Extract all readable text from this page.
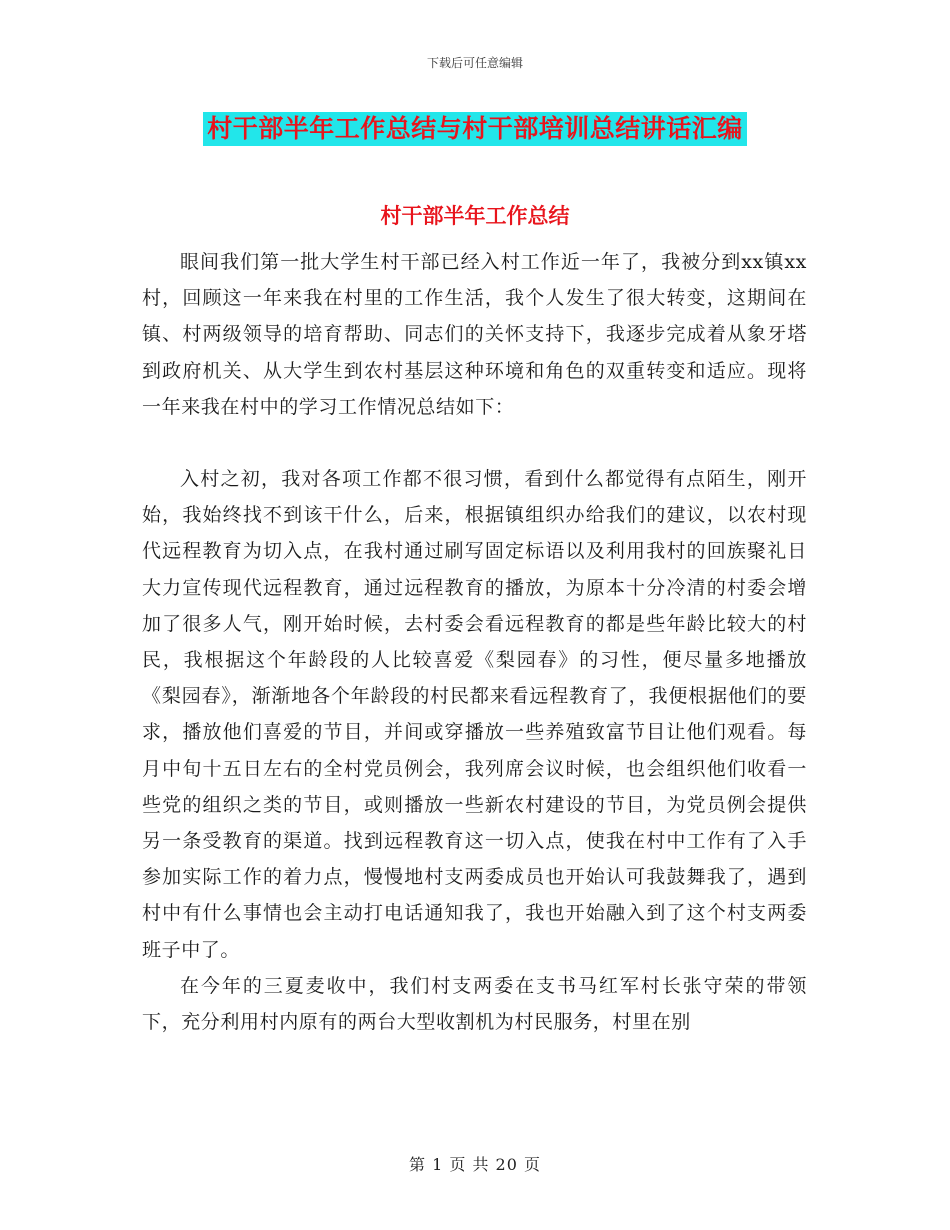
下载后可任意编辑
村干部半年工作总结与村干部培训总结讲话汇编
村干部半年工作总结

眼间我们第一批大学生村干部已经入村工作近一年了，我被分到xx镇xx村，回顾这一年来我在村里的工作生活，我个人发生了很大转变，这期间在镇、村两级领导的培育帮助、同志们的关怀支持下，我逐步完成着从象牙塔到政府机关、从大学生到农村基层这种环境和角色的双重转变和适应。现将一年来我在村中的学习工作情况总结如下：

入村之初，我对各项工作都不很习惯，看到什么都觉得有点陌生，刚开始，我始终找不到该干什么，后来，根据镇组织办给我们的建议，以农村现代远程教育为切入点，在我村通过刷写固定标语以及利用我村的回族聚礼日大力宣传现代远程教育，通过远程教育的播放，为原本十分冷清的村委会增加了很多人气，刚开始时候，去村委会看远程教育的都是些年龄比较大的村民，我根据这个年龄段的人比较喜爱《梨园春》的习性，便尽量多地播放《梨园春》，渐渐地各个年龄段的村民都来看远程教育了，我便根据他们的要求，播放他们喜爱的节目，并间或穿播放一些养殖致富节目让他们观看。每月中旬十五日左右的全村党员例会，我列席会议时候，也会组织他们收看一些党的组织之类的节目，或则播放一些新农村建设的节目，为党员例会提供另一条受教育的渠道。找到远程教育这一切入点，使我在村中工作有了入手参加实际工作的着力点，慢慢地村支两委成员也开始认可我鼓舞我了，遇到村中有什么事情也会主动打电话通知我了，我也开始融入到了这个村支两委班子中了。

在今年的三夏麦收中，我们村支两委在支书马红军村长张守荣的带领下，充分利用村内原有的两台大型收割机为村民服务，村里在别

第 1 页 共 20 页
